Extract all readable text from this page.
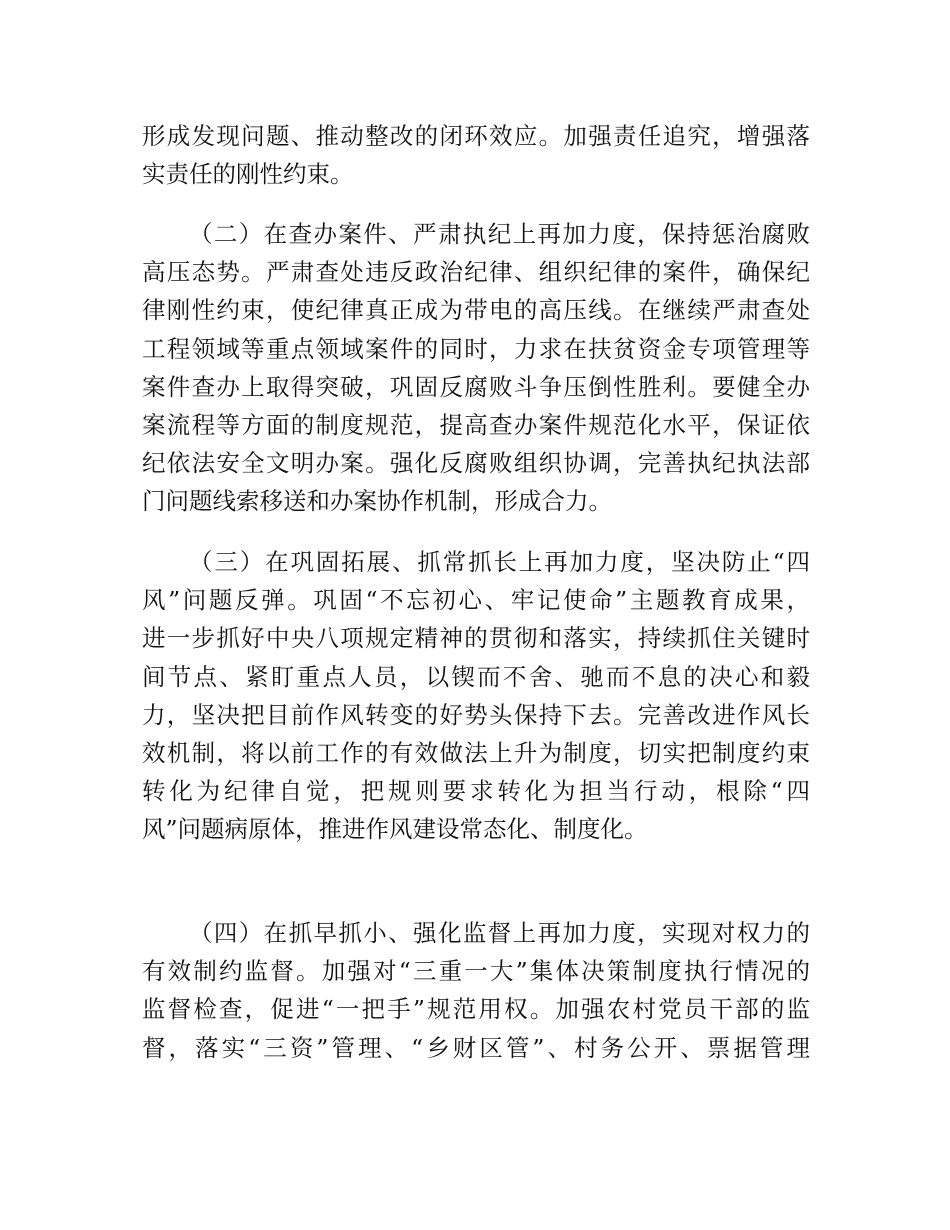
形成发现问题、推动整改的闭环效应。加强责任追究，增强落
实责任的刚性约束。
（二）在查办案件、严肃执纪上再加力度，保持惩治腐败
高压态势。严肃查处违反政治纪律、组织纪律的案件，确保纪
律刚性约束，使纪律真正成为带电的高压线。在继续严肃查处
工程领域等重点领域案件的同时，力求在扶贫资金专项管理等
案件查办上取得突破，巩固反腐败斗争压倒性胜利。要健全办
案流程等方面的制度规范，提高查办案件规范化水平，保证依
纪依法安全文明办案。强化反腐败组织协调，完善执纪执法部
门问题线索移送和办案协作机制，形成合力。
（三）在巩固拓展、抓常抓长上再加力度，坚决防止“四
风”问题反弹。巩固“不忘初心、牢记使命”主题教育成果，
进一步抓好中央八项规定精神的贯彻和落实，持续抓住关键时
间节点、紧盯重点人员，以锲而不舍、驰而不息的决心和毅
力，坚决把目前作风转变的好势头保持下去。完善改进作风长
效机制，将以前工作的有效做法上升为制度，切实把制度约束
转化为纪律自觉，把规则要求转化为担当行动，根除“四
风”问题病原体，推进作风建设常态化、制度化。
（四）在抓早抓小、强化监督上再加力度，实现对权力的
有效制约监督。加强对“三重一大”集体决策制度执行情况的
监督检查，促进“一把手”规范用权。加强农村党员干部的监
督，落实“三资”管理、“乡财区管”、村务公开、票据管理
